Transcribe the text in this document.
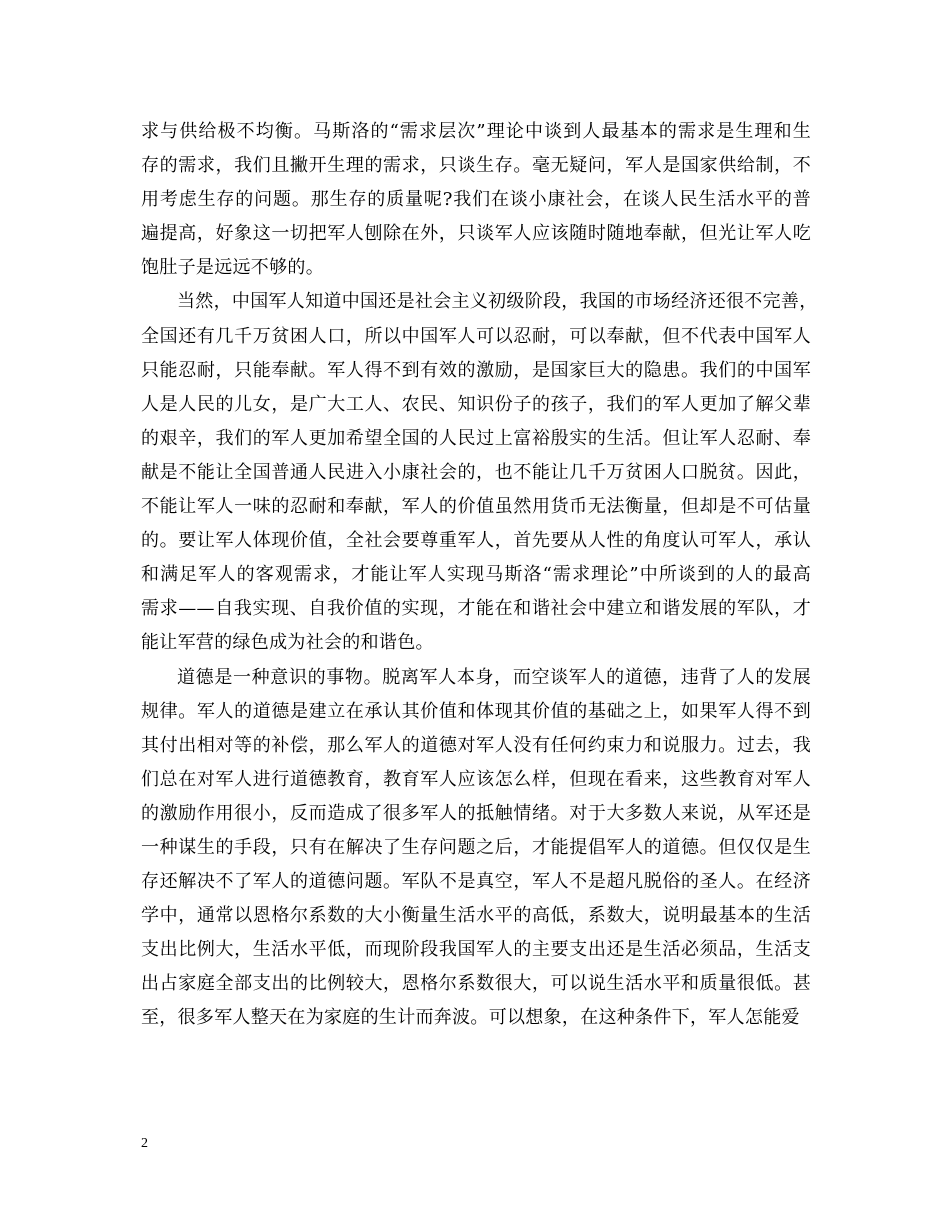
求与供给极不均衡。马斯洛的“需求层次”理论中谈到人最基本的需求是生理和生
存的需求，我们且撇开生理的需求，只谈生存。毫无疑问，军人是国家供给制，不
用考虑生存的问题。那生存的质量呢?我们在谈小康社会，在谈人民生活水平的普
遍提高，好象这一切把军人刨除在外，只谈军人应该随时随地奉献，但光让军人吃
饱肚子是远远不够的。
当然，中国军人知道中国还是社会主义初级阶段，我国的市场经济还很不完善，
全国还有几千万贫困人口，所以中国军人可以忍耐，可以奉献，但不代表中国军人
只能忍耐，只能奉献。军人得不到有效的激励，是国家巨大的隐患。我们的中国军
人是人民的儿女，是广大工人、农民、知识份子的孩子，我们的军人更加了解父辈
的艰辛，我们的军人更加希望全国的人民过上富裕殷实的生活。但让军人忍耐、奉
献是不能让全国普通人民进入小康社会的，也不能让几千万贫困人口脱贫。因此，
不能让军人一味的忍耐和奉献，军人的价值虽然用货币无法衡量，但却是不可估量
的。要让军人体现价值，全社会要尊重军人，首先要从人性的角度认可军人，承认
和满足军人的客观需求，才能让军人实现马斯洛“需求理论”中所谈到的人的最高
需求——自我实现、自我价值的实现，才能在和谐社会中建立和谐发展的军队，才
能让军营的绿色成为社会的和谐色。
道德是一种意识的事物。脱离军人本身，而空谈军人的道德，违背了人的发展
规律。军人的道德是建立在承认其价值和体现其价值的基础之上，如果军人得不到
其付出相对等的补偿，那么军人的道德对军人没有任何约束力和说服力。过去，我
们总在对军人进行道德教育，教育军人应该怎么样，但现在看来，这些教育对军人
的激励作用很小，反而造成了很多军人的抵触情绪。对于大多数人来说，从军还是
一种谋生的手段，只有在解决了生存问题之后，才能提倡军人的道德。但仅仅是生
存还解决不了军人的道德问题。军队不是真空，军人不是超凡脱俗的圣人。在经济
学中，通常以恩格尔系数的大小衡量生活水平的高低，系数大，说明最基本的生活
支出比例大，生活水平低，而现阶段我国军人的主要支出还是生活必须品，生活支
出占家庭全部支出的比例较大，恩格尔系数很大，可以说生活水平和质量很低。甚
至，很多军人整天在为家庭的生计而奔波。可以想象，在这种条件下，军人怎能爱
2
